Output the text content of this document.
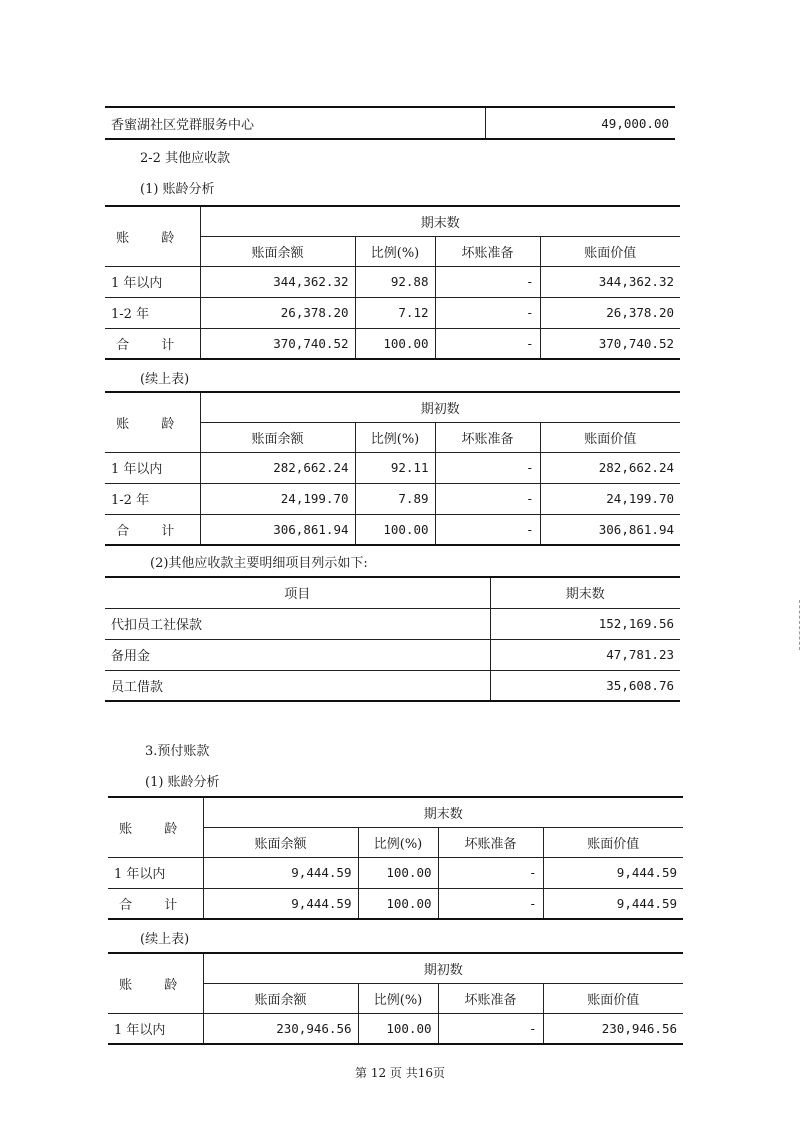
香蜜湖社区党群服务中心	49,000.00
2-2 其他应收款
(1) 账龄分析
账 龄	期末数			
	账面余额	比例(%)	坏账准备	账面价值
1 年以内	344,362.32	92.88	-	344,362.32
1-2 年	26,378.20	7.12	-	26,378.20
合 计	370,740.52	100.00	-	370,740.52
(续上表)
账 龄	期初数			
	账面余额	比例(%)	坏账准备	账面价值
1 年以内	282,662.24	92.11	-	282,662.24
1-2 年	24,199.70	7.89	-	24,199.70
合 计	306,861.94	100.00	-	306,861.94
(2)其他应收款主要明细项目列示如下:
项目	期末数
代扣员工社保款	152,169.56
备用金	47,781.23
员工借款	35,608.76
3.预付账款
(1) 账龄分析
账 龄	期末数			
	账面余额	比例(%)	坏账准备	账面价值
1 年以内	9,444.59	100.00	-	9,444.59
合 计	9,444.59	100.00	-	9,444.59
(续上表)
账 龄	期初数			
	账面余额	比例(%)	坏账准备	账面价值
1 年以内	230,946.56	100.00	-	230,946.56
第 12 页 共16页
